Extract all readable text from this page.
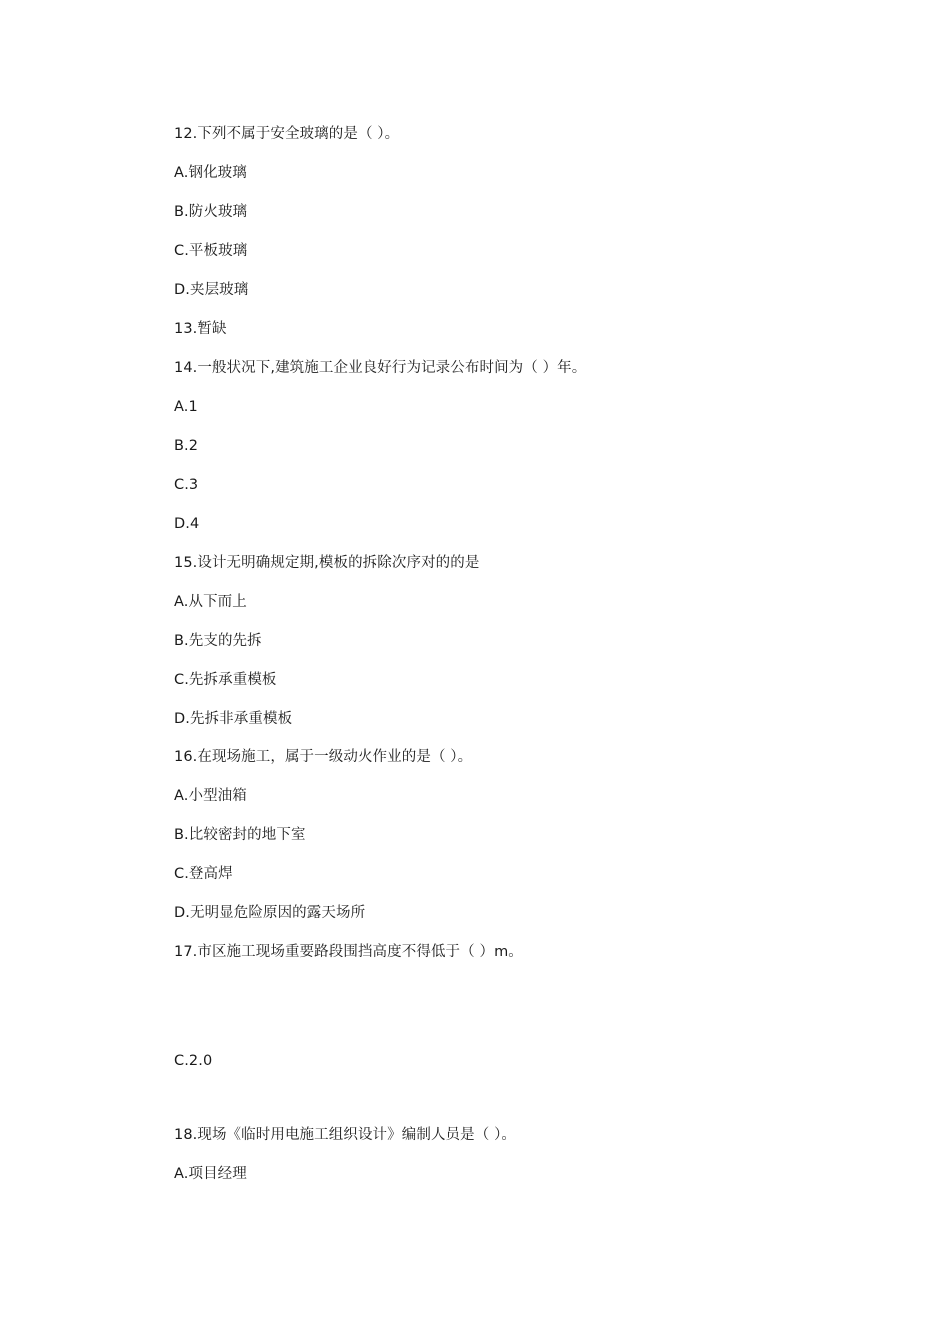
12.下列不属于安全玻璃的是（ ）。
A.钢化玻璃
B.防火玻璃
C.平板玻璃
D.夹层玻璃
13.暂缺
14.一般状况下,建筑施工企业良好行为记录公布时间为（ ）年。
A.1
B.2
C.3
D.4
15.设计无明确规定期,模板的拆除次序对的的是
A.从下而上
B.先支的先拆
C.先拆承重模板
D.先拆非承重模板
16.在现场施工，属于一级动火作业的是（ ）。
A.小型油箱
B.比较密封的地下室
C.登高焊
D.无明显危险原因的露天场所
17.市区施工现场重要路段围挡高度不得低于（ ）m。
C.2.0
18.现场《临时用电施工组织设计》编制人员是（ ）。
A.项目经理
